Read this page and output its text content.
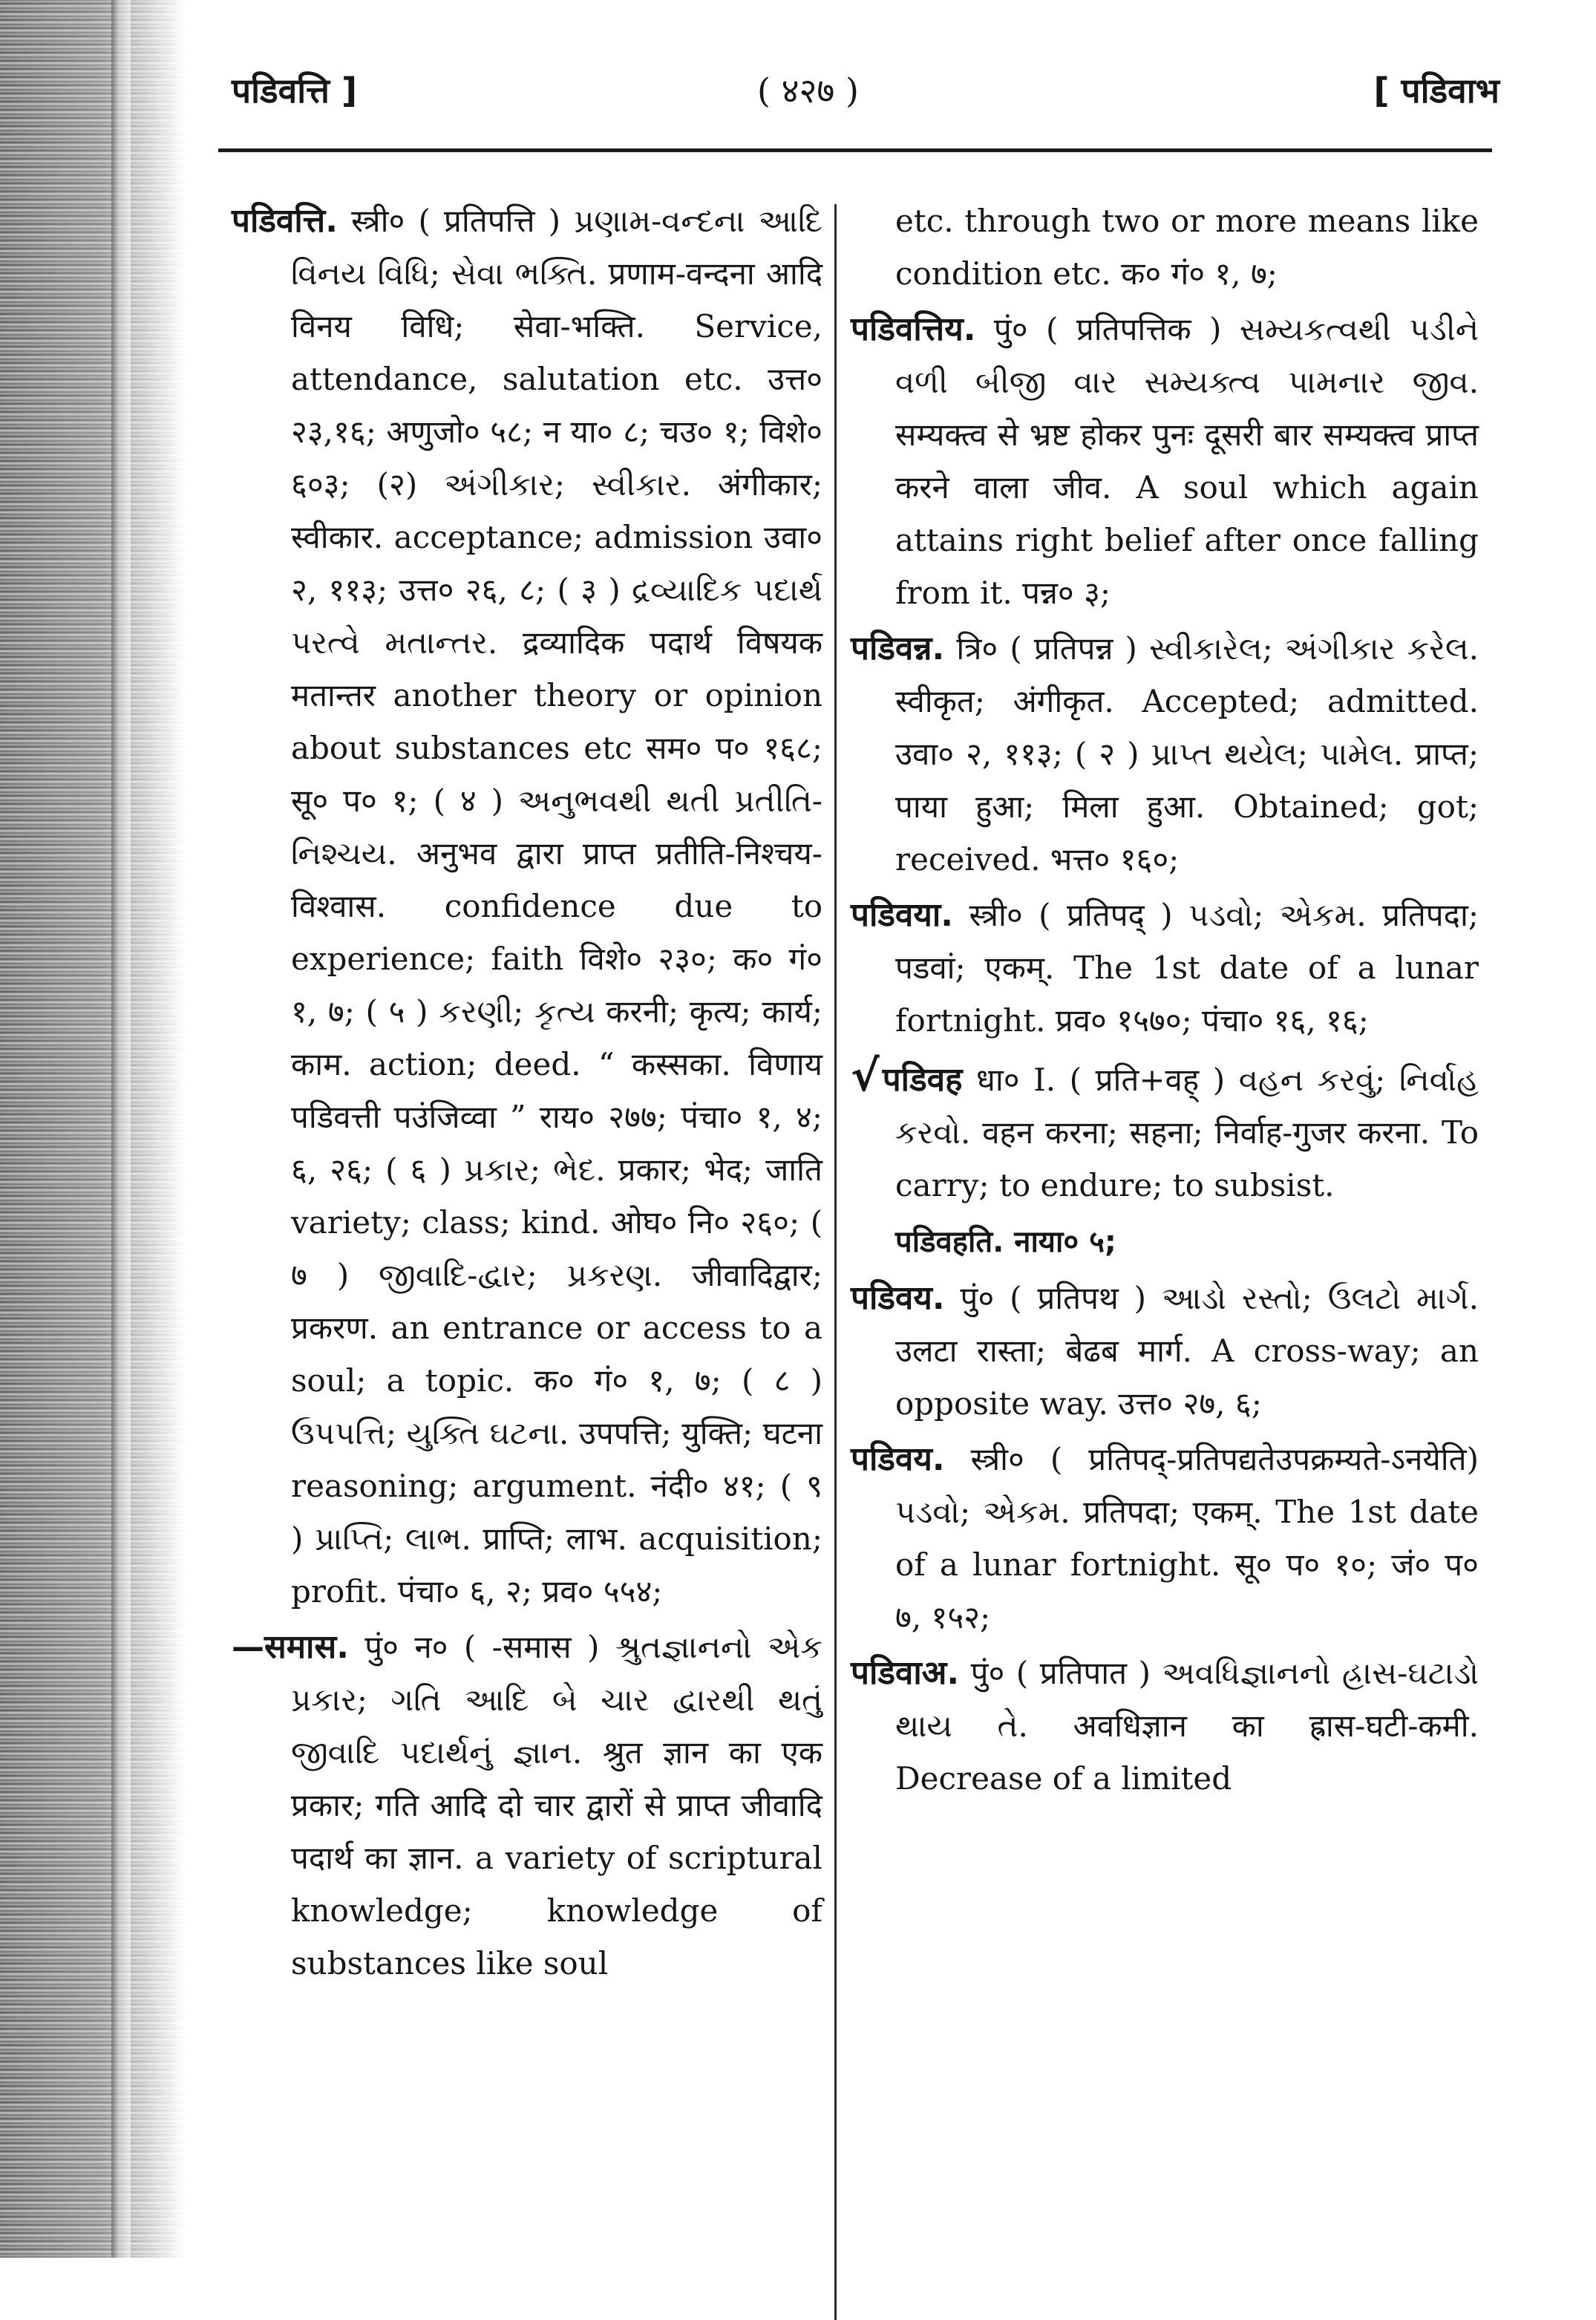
पडिवत्ति ]	( ४२७ )	[ पडिवाभ

पडिवत्ति. स्त्री० ( प्रतिपत्ति ) પ્રણામ-વન્દના આદિ વિનય વિધિ; સેવા ભક્તિ. प्रणाम-वन्दना आदि विनय विधि; सेवा-भक्ति. Service, attendance, salutation etc. उत्त० २३,१६; अणुजो० ५८; न या० ८; चउ० १; विशे० ६०३; (२) અંગીકાર; સ્વીકાર. अंगीकार; स्वीकार. acceptance; admission उवा० २, ११३; उत्त० २६, ८; ( ३ ) દ્રવ્યાદિક પદાર્થ પરત્વે મતાન્તર. द्रव्यादिक पदार्थ विषयक मतान्तर another theory or opinion about substances etc सम० प० १६८; सू० प० १; ( ४ ) અનુભવથી થતી પ્રતીતિ-નિશ્ચય. अनुभव द्वारा प्राप्त प्रतीति-निश्चय-विश्वास. confidence due to experience; faith विशे० २३०; क० गं० १, ७; ( ५ ) કરણી; કૃત્ય करनी; कृत्य; कार्य; काम. action; deed. “ कस्सका. विणाय पडिवत्ती पउंजिव्वा ” राय० २७७; पंचा० १, ४; ६, २६; ( ६ ) પ્રકાર; ભેદ. प्रकार; भेद; जाति variety; class; kind. ओघ० नि० २६०; ( ७ ) જીવાદિ-દ્વાર; પ્રકરણ. जीवादिद्वार; प्रकरण. an entrance or access to a soul; a topic. क० गं० १, ७; ( ८ ) ઉપપત્તિ; યુક્તિ ઘટના. उपपत्ति; युक्ति; घटना reasoning; argument. नंदी० ४१; ( ९ ) પ્રાપ્તિ; લાભ. प्राप्ति; लाभ. acquisition; profit. पंचा० ६, २; प्रव० ५५४;

—समास. पुं० न० ( -समास ) શ્રુતજ્ઞાનનો એક પ્રકાર; ગતિ આદિ બે ચાર દ્વારથી થતું જીવાદિ પદાર્થનું જ્ઞાન. श्रुत ज्ञान का एक प्रकार; गति आदि दो चार द्वारों से प्राप्त जीवादि पदार्थ का ज्ञान. a variety of scriptural knowledge; knowledge of substances like soul

etc. through two or more means like condition etc. क० गं० १, ७;

पडिवत्तिय. पुं० ( प्रतिपत्तिक ) સમ્યકત્વથી પડીને વળી બીજી વાર સમ્યક્ત્વ પામનાર જીવ. सम्यक्त्व से भ्रष्ट होकर पुनः दूसरी बार सम्यक्त्व प्राप्त करने वाला जीव. A soul which again attains right belief after once falling from it. पन्न० ३;

पडिवन्न. त्रि० ( प्रतिपन्न ) સ્વીકારેલ; અંગીકાર કરેલ. स्वीकृत; अंगीकृत. Accepted; admitted. उवा० २, ११३; ( २ ) પ્રાપ્ત થયેલ; પામેલ. प्राप्त; पाया हुआ; मिला हुआ. Obtained; got; received. भत्त० १६०;

पडिवया. स्त्री० ( प्रतिपद् ) પડવો; એકમ. प्रतिपदा; पडवां; एकम्. The 1st date of a lunar fortnight. प्रव० १५७०; पंचा० १६, १६;

√पडिवह धा० I. ( प्रति+वह् ) વહન કરવું; નિર્વાહ કરવો. वहन करना; सहना; निर्वाह-गुजर करना. To carry; to endure; to subsist.

पडिवहति. नाया० ५;

पडिवय. पुं० ( प्रतिपथ ) આડો રસ્તો; ઉલટો માર્ગ. उलटा रास्ता; बेढब मार्ग. A cross-way; an opposite way. उत्त० २७, ६;

पडिवय. स्त्री० ( प्रतिपद्-प्रतिपद्यतेउपक्रम्यते-ऽनयेति) પડવો; એકમ. प्रतिपदा; एकम्. The 1st date of a lunar fortnight. सू० प० १०; जं० प० ७, १५२;

पडिवाअ. पुं० ( प्रतिपात ) અવધિજ્ઞાનનો હ્રાસ-ઘટાડો થાય તે. अवधिज्ञान का ह्रास-घटी-कमी. Decrease of a limited
